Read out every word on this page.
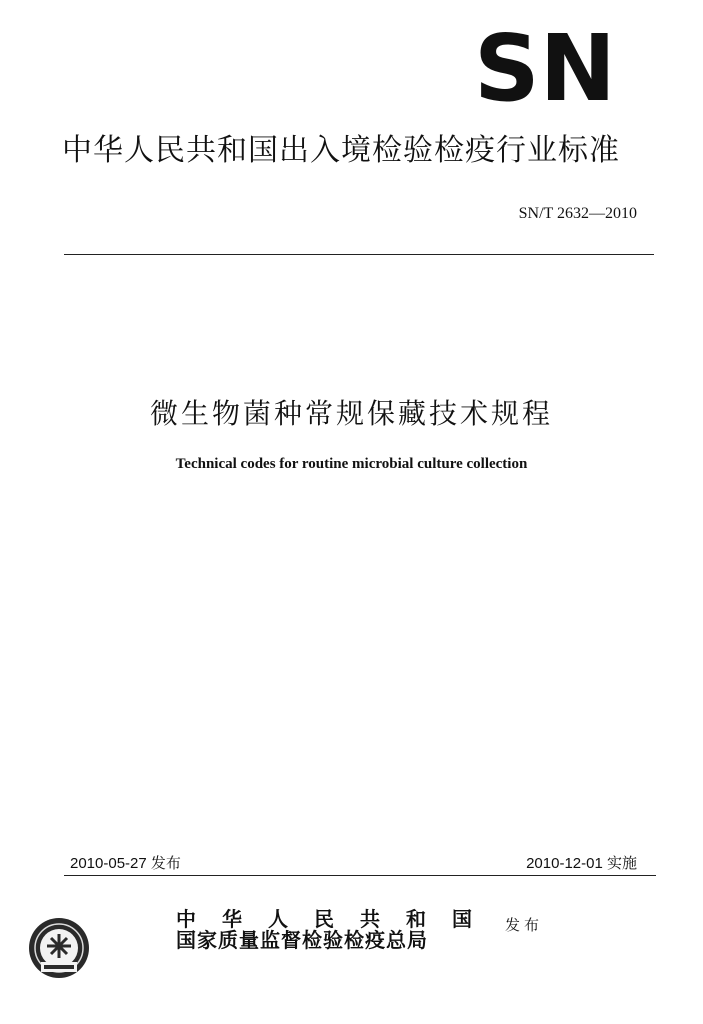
SN
中华人民共和国出入境检验检疫行业标准
SN/T 2632—2010
微生物菌种常规保藏技术规程
Technical codes for routine microbial culture collection
2010-05-27 发布	2010-12-01 实施
中华人民共和国
国家质量监督检验检疫总局
发布
